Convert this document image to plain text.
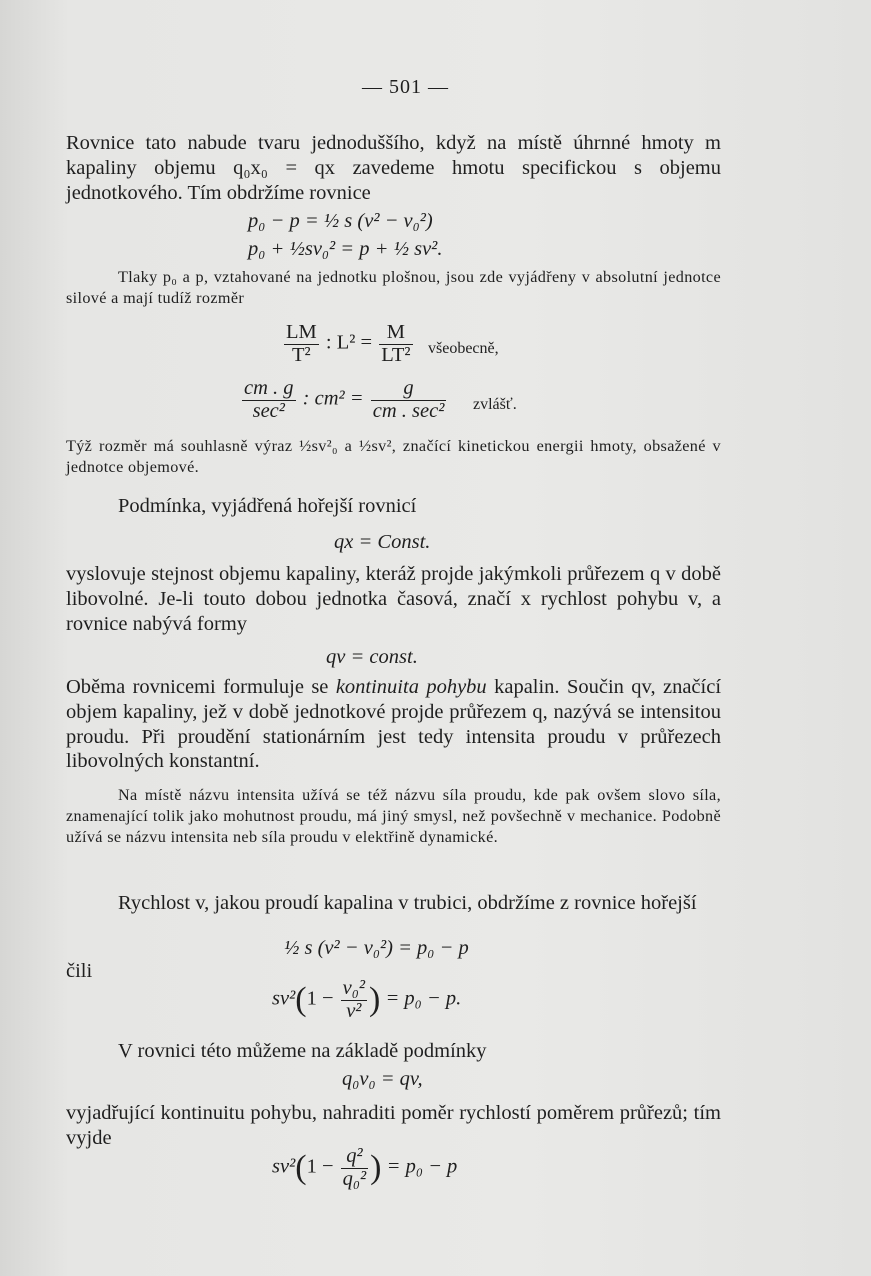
— 501 —
Rovnice tato nabude tvaru jednoduššího, když na místě úhrnné hmoty m kapaliny objemu q₀x₀ = qx zavedeme hmotu specifickou s objemu jednotkového. Tím obdržíme rovnice
p₀ − p = ½ s (v² − v₀²)
p₀ + ½sv₀² = p + ½ sv².
Tlaky p₀ a p, vztahované na jednotku plošnou, jsou zde vyjádřeny v absolutní jednotce silové a mají tudíž rozměr
$\frac{LM}{\text{T²}}$ : $L^2 = \frac{M}{\text{LT²}}$ všeobecně,
$\frac{cm . g}{\text{sec²}}$ : $cm^2 = \frac{g}{\text{cm . sec²}}$ zvlášť.
Týž rozměr má souhlasně výraz ½sv²₀ a ½sv², značící kinetickou energii hmoty, obsažené v jednotce objemové.
Podmínka, vyjádřená hořejší rovnicí
qx = Const.
vyslovuje stejnost objemu kapaliny, kteráž projde jakýmkoli průřezem q v době libovolné. Je-li touto dobou jednotka časová, značí x rychlost pohybu v, a rovnice nabývá formy
qv = const.
Oběma rovnicemi formuluje se kontinuita pohybu kapalin. Součin qv, značící objem kapaliny, jež v době jednotkové projde průřezem q, nazývá se intensitou proudu. Při proudění stationárním jest tedy intensita proudu v průřezech libovolných konstantní.
Na místě názvu intensita užívá se též názvu síla proudu, kde pak ovšem slovo síla, znamenající tolik jako mohutnost proudu, má jiný smysl, než povšechně v mechanice. Podobně užívá se názvu intensita neb síla proudu v elektřině dynamické.
Rychlost v, jakou proudí kapalina v trubici, obdržíme z rovnice hořejší
½ s (v² − v₀²) = p₀ − p
čili
$sv^2(1 - \frac{\text{v₀²}}{\text{v²}}$ ) = p₀ − p.
V rovnici této můžeme na základě podmínky
q₀v₀ = qv,
vyjadřující kontinuitu pohybu, nahraditi poměr rychlostí poměrem průřezů; tím vyjde
$sv^2(1 - \frac{\text{q²}}{\text{q₀²}}$ ) = p₀ − p
